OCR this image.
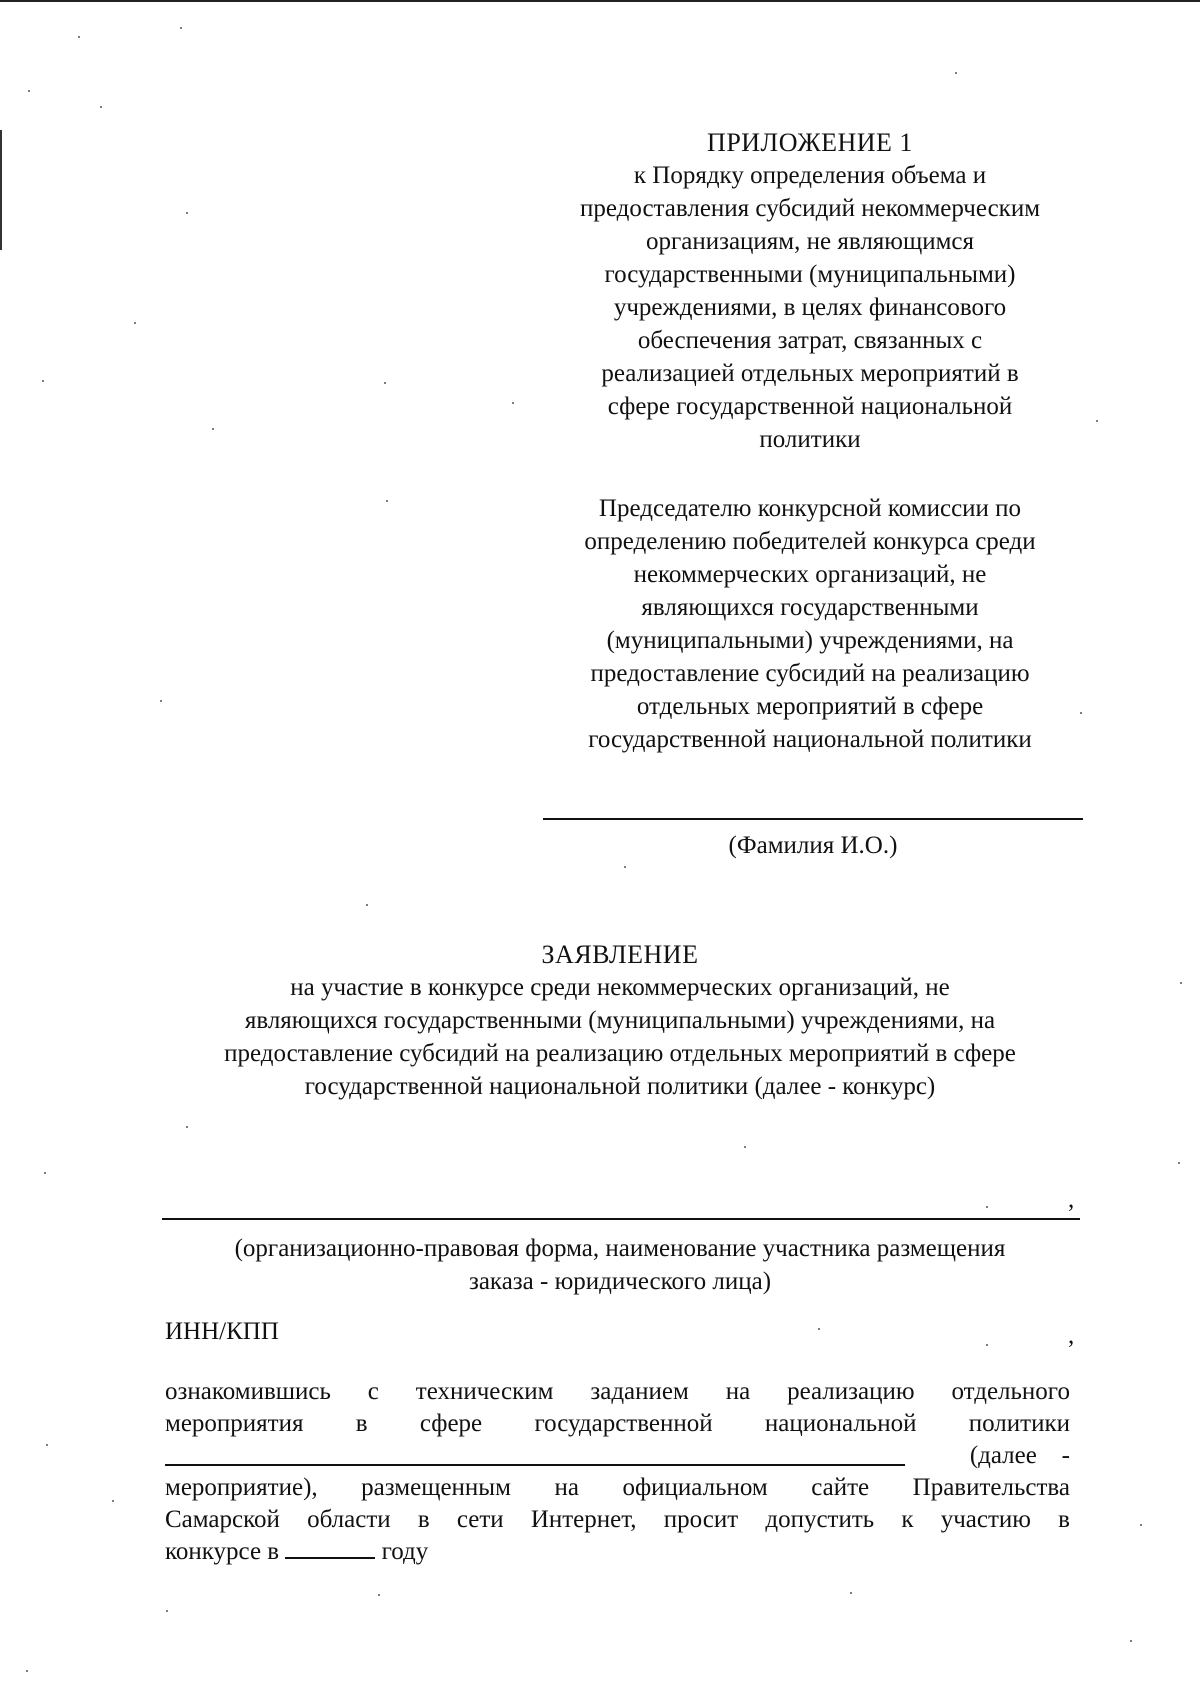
ПРИЛОЖЕНИЕ 1
к Порядку определения объема и
предоставления субсидий некоммерческим
организациям, не являющимся
государственными (муниципальными)
учреждениями, в целях финансового
обеспечения затрат, связанных с
реализацией отдельных мероприятий в
сфере государственной национальной
политики
Председателю конкурсной комиссии по
определению победителей конкурса среди
некоммерческих организаций, не
являющихся государственными
(муниципальными) учреждениями, на
предоставление субсидий на реализацию
отдельных мероприятий в сфере
государственной национальной политики
(Фамилия И.О.)
ЗАЯВЛЕНИЕ
на участие в конкурсе среди некоммерческих организаций, не
являющихся государственными (муниципальными) учреждениями, на
предоставление субсидий на реализацию отдельных мероприятий в сфере
государственной национальной политики (далее - конкурс)
,
(организационно-правовая форма, наименование участника размещения
заказа - юридического лица)
ИНН/КПП	,
ознакомившись с техническим заданием на реализацию отдельного
мероприятия в сфере государственной национальной политики
(далее -
мероприятие), размещенным на официальном сайте Правительства
Самарской области в сети Интернет, просит допустить к участию в
конкурсе в	году
